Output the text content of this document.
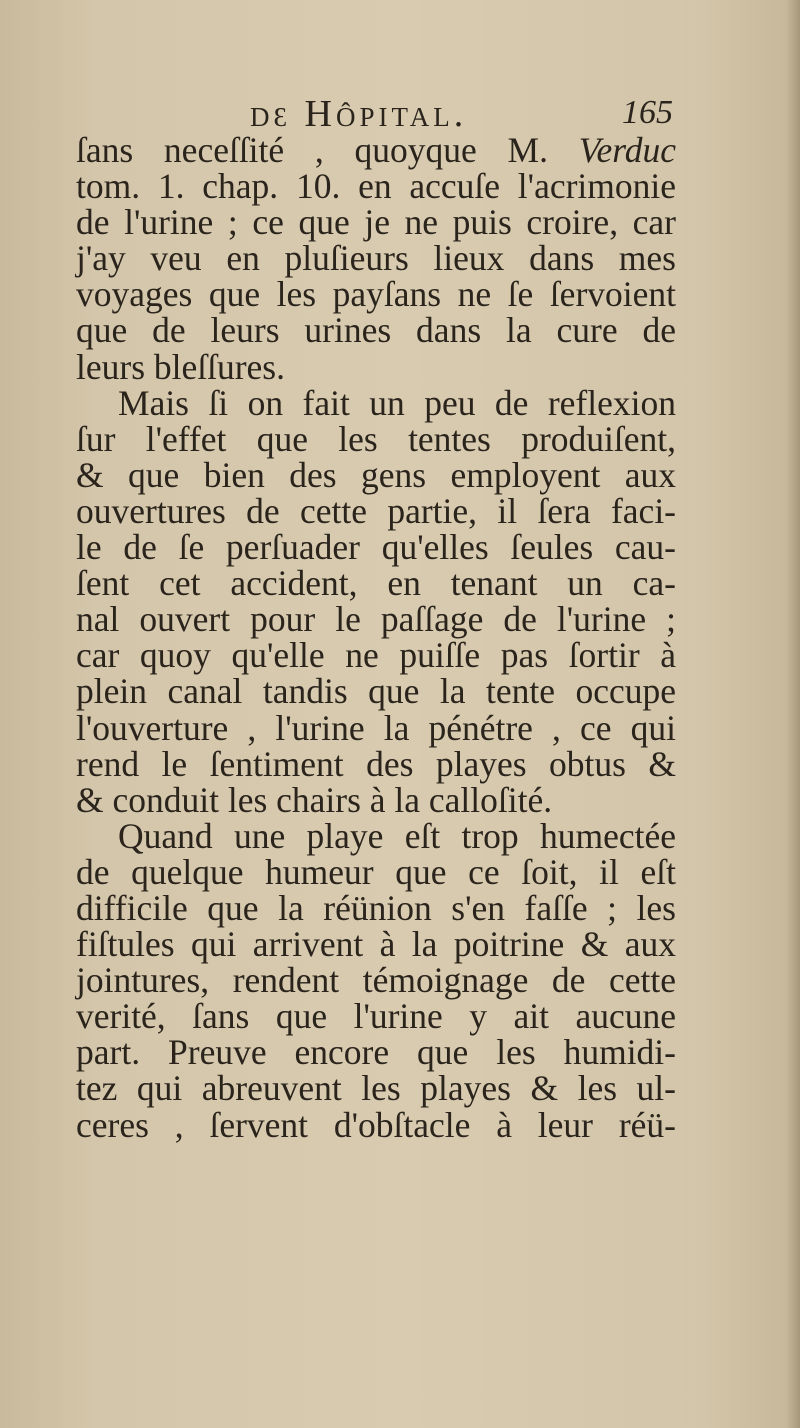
dɛ Hôpital.	165
ſans neceſſité , quoyque M. Verduc
tom. 1. chap. 10. en accuſe l'acrimonie
de l'urine ; ce que je ne puis croire, car
j'ay veu en pluſieurs lieux dans mes
voyages que les payſans ne ſe ſervoient
que de leurs urines dans la cure de
leurs bleſſures.
Mais ſi on fait un peu de reflexion
ſur l'effet que les tentes produiſent,
& que bien des gens employent aux
ouvertures de cette partie, il ſera faci-
le de ſe perſuader qu'elles ſeules cau-
ſent cet accident, en tenant un ca-
nal ouvert pour le paſſage de l'urine ;
car quoy qu'elle ne puiſſe pas ſortir à
plein canal tandis que la tente occupe
l'ouverture , l'urine la pénétre , ce qui
rend le ſentiment des playes obtus &
& conduit les chairs à la calloſité.
Quand une playe eſt trop humectée
de quelque humeur que ce ſoit, il eſt
difficile que la réünion s'en faſſe ; les
fiſtules qui arrivent à la poitrine & aux
jointures, rendent témoignage de cette
verité, ſans que l'urine y ait aucune
part. Preuve encore que les humidi-
tez qui abreuvent les playes & les ul-
ceres , ſervent d'obſtacle à leur réü-
